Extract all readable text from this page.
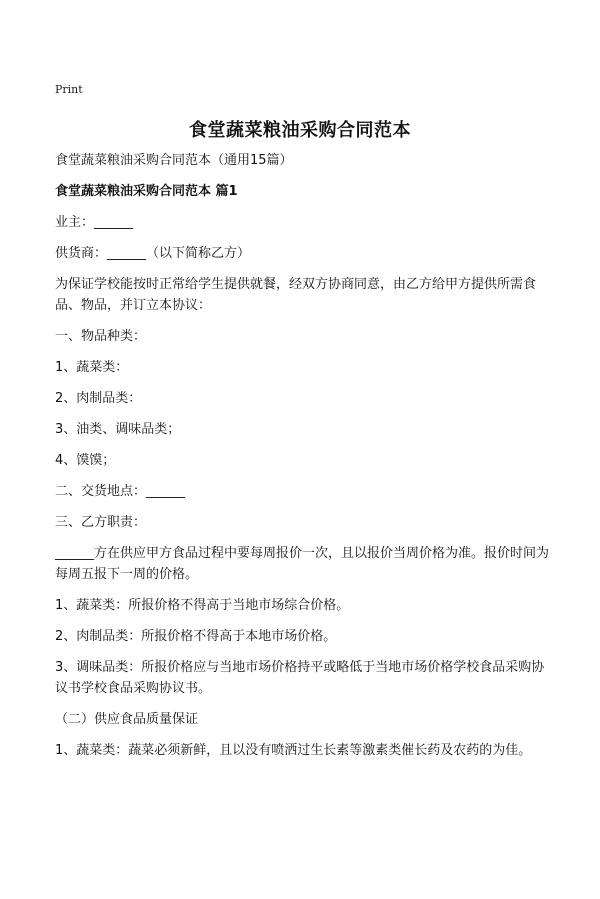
Print
食堂蔬菜粮油采购合同范本

食堂蔬菜粮油采购合同范本（通用15篇）

食堂蔬菜粮油采购合同范本 篇1

业主：______

供货商：______（以下简称乙方）

为保证学校能按时正常给学生提供就餐，经双方协商同意，由乙方给甲方提供所需食品、物品，并订立本协议：

一、物品种类：

1、蔬菜类：

2、肉制品类：

3、油类、调味品类；

4、馍馍；

二、交货地点：______

三、乙方职责：

______方在供应甲方食品过程中要每周报价一次，且以报价当周价格为准。报价时间为每周五报下一周的价格。

1、蔬菜类：所报价格不得高于当地市场综合价格。

2、肉制品类：所报价格不得高于本地市场价格。

3、调味品类：所报价格应与当地市场价格持平或略低于当地市场价格学校食品采购协议书学校食品采购协议书。

（二）供应食品质量保证

1、蔬菜类：蔬菜必须新鲜，且以没有喷洒过生长素等激素类催长药及农药的为佳。
